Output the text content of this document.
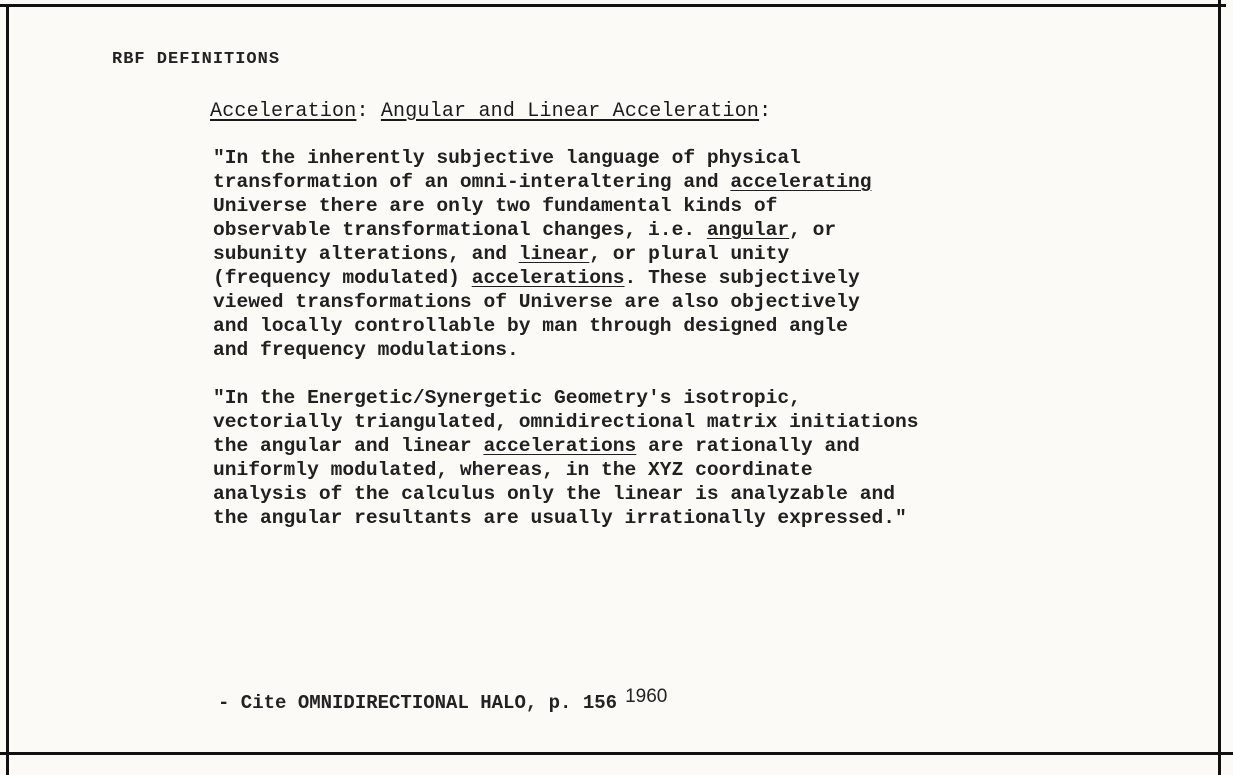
RBF DEFINITIONS
Acceleration: Angular and Linear Acceleration:

"In the inherently subjective language of physical
transformation of an omni-interaltering and accelerating
Universe there are only two fundamental kinds of
observable transformational changes, i.e. angular, or
subunity alterations, and linear, or plural unity
(frequency modulated) accelerations. These subjectively
viewed transformations of Universe are also objectively
and locally controllable by man through designed angle
and frequency modulations.

"In the Energetic/Synergetic Geometry's isotropic,
vectorially triangulated, omnidirectional matrix initiations
the angular and linear accelerations are rationally and
uniformly modulated, whereas, in the XYZ coordinate
analysis of the calculus only the linear is analyzable and
the angular resultants are usually irrationally expressed."

- Cite OMNIDIRECTIONAL HALO, p. 156 1960
